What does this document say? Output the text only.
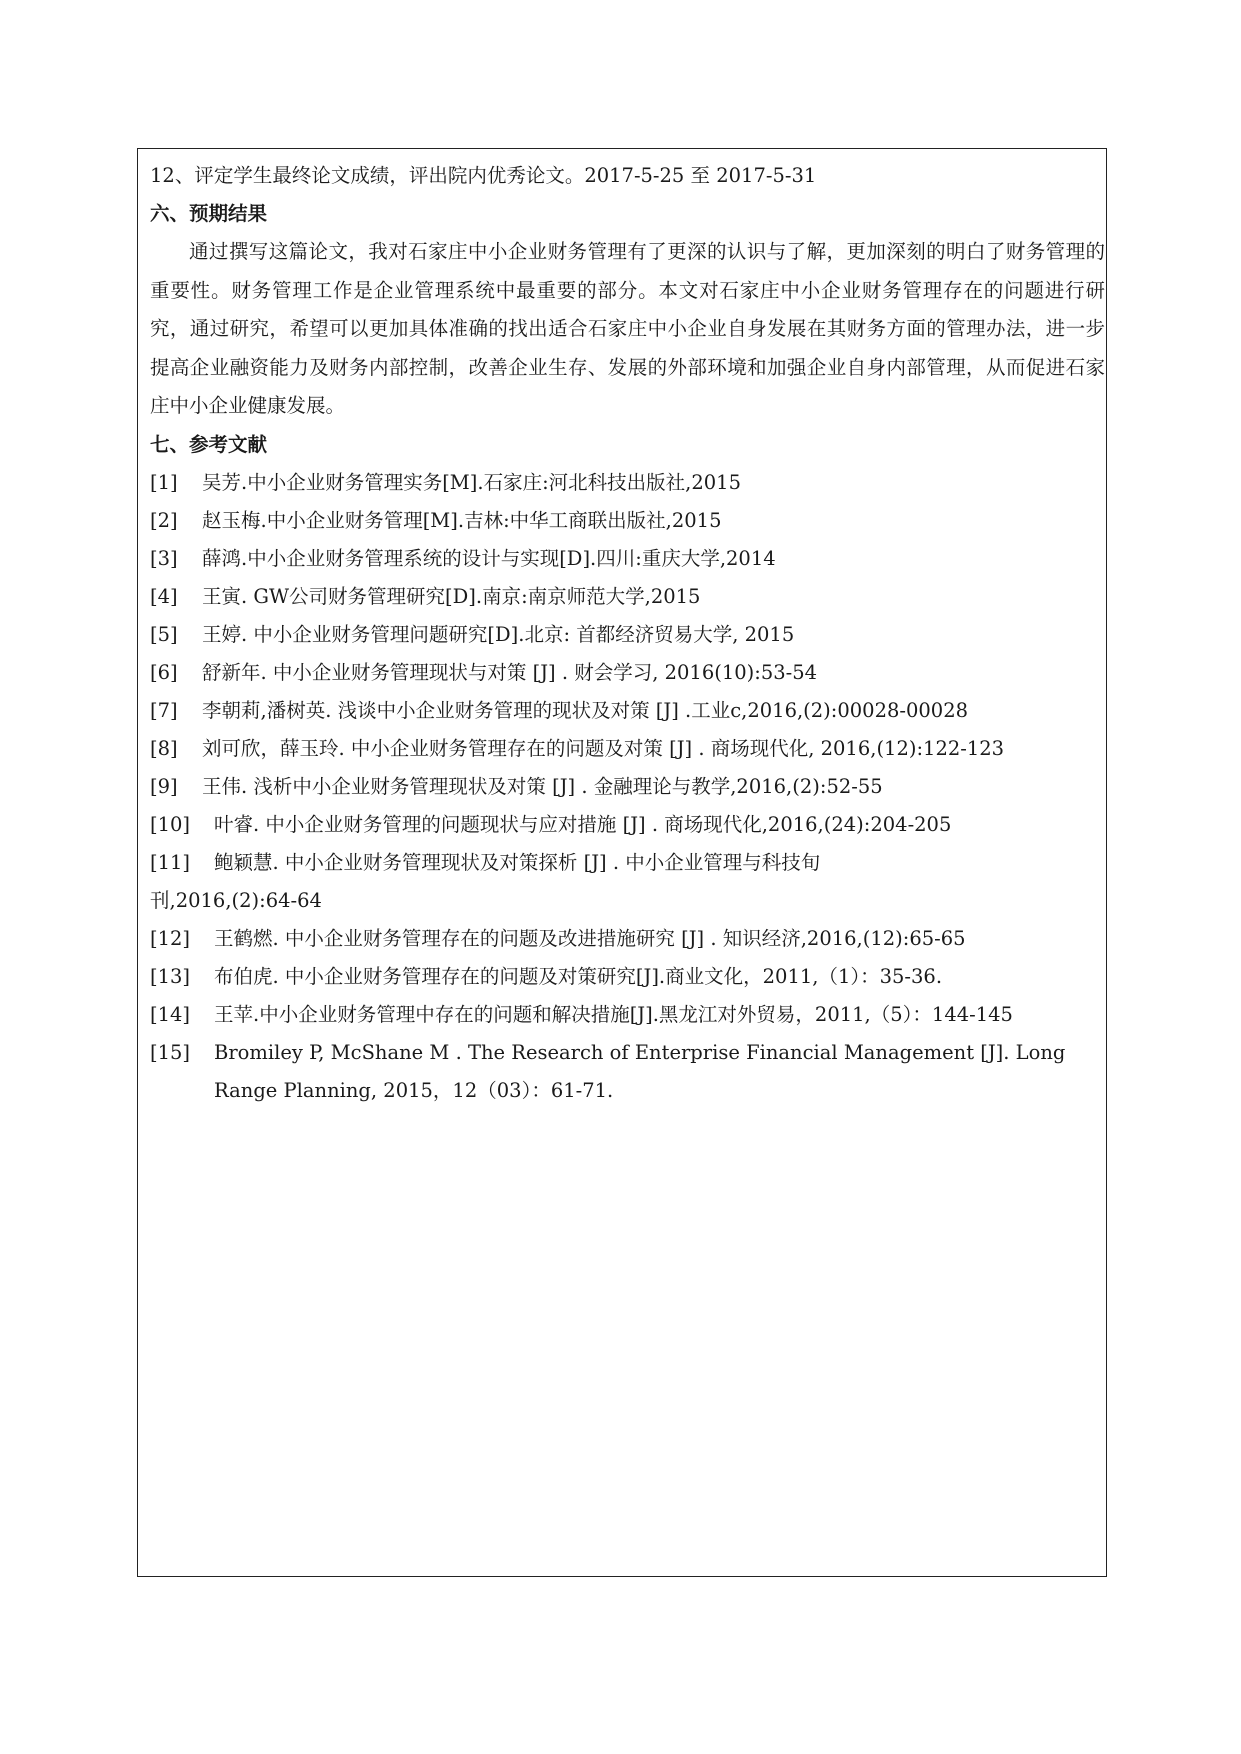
12、评定学生最终论文成绩，评出院内优秀论文。2017-5-25 至 2017-5-31
六、预期结果
通过撰写这篇论文，我对石家庄中小企业财务管理有了更深的认识与了解，更加深刻的明白了财务管理的重要性。财务管理工作是企业管理系统中最重要的部分。本文对石家庄中小企业财务管理存在的问题进行研究，通过研究，希望可以更加具体准确的找出适合石家庄中小企业自身发展在其财务方面的管理办法，进一步提高企业融资能力及财务内部控制，改善企业生存、发展的外部环境和加强企业自身内部管理，从而促进石家庄中小企业健康发展。
七、参考文献
[1]	吴芳.中小企业财务管理实务[M].石家庄:河北科技出版社,2015
[2]	赵玉梅.中小企业财务管理[M].吉林:中华工商联出版社,2015
[3]	薛鸿.中小企业财务管理系统的设计与实现[D].四川:重庆大学,2014
[4]	王寅. GW公司财务管理研究[D].南京:南京师范大学,2015
[5]	王婷. 中小企业财务管理问题研究[D].北京: 首都经济贸易大学, 2015
[6]	舒新年. 中小企业财务管理现状与对策 [J] . 财会学习, 2016(10):53-54
[7]	李朝莉,潘树英. 浅谈中小企业财务管理的现状及对策 [J] .工业c,2016,(2):00028-00028
[8]	刘可欣，薛玉玲. 中小企业财务管理存在的问题及对策 [J] . 商场现代化, 2016,(12):122-123
[9]	王伟. 浅析中小企业财务管理现状及对策 [J] . 金融理论与教学,2016,(2):52-55
[10]	叶睿. 中小企业财务管理的问题现状与应对措施 [J] . 商场现代化,2016,(24):204-205
[11]	鲍颖慧. 中小企业财务管理现状及对策探析 [J] . 中小企业管理与科技旬
刊,2016,(2):64-64
[12]	王鹤燃. 中小企业财务管理存在的问题及改进措施研究 [J] . 知识经济,2016,(12):65-65
[13]	布伯虎. 中小企业财务管理存在的问题及对策研究[J].商业文化，2011,（1）：35-36.
[14]	王苹.中小企业财务管理中存在的问题和解决措施[J].黑龙江对外贸易，2011,（5）：144-145
[15]	Bromiley P, McShane M . The Research of Enterprise Financial Management [J]. Long
Range Planning, 2015，12（03）：61-71.
